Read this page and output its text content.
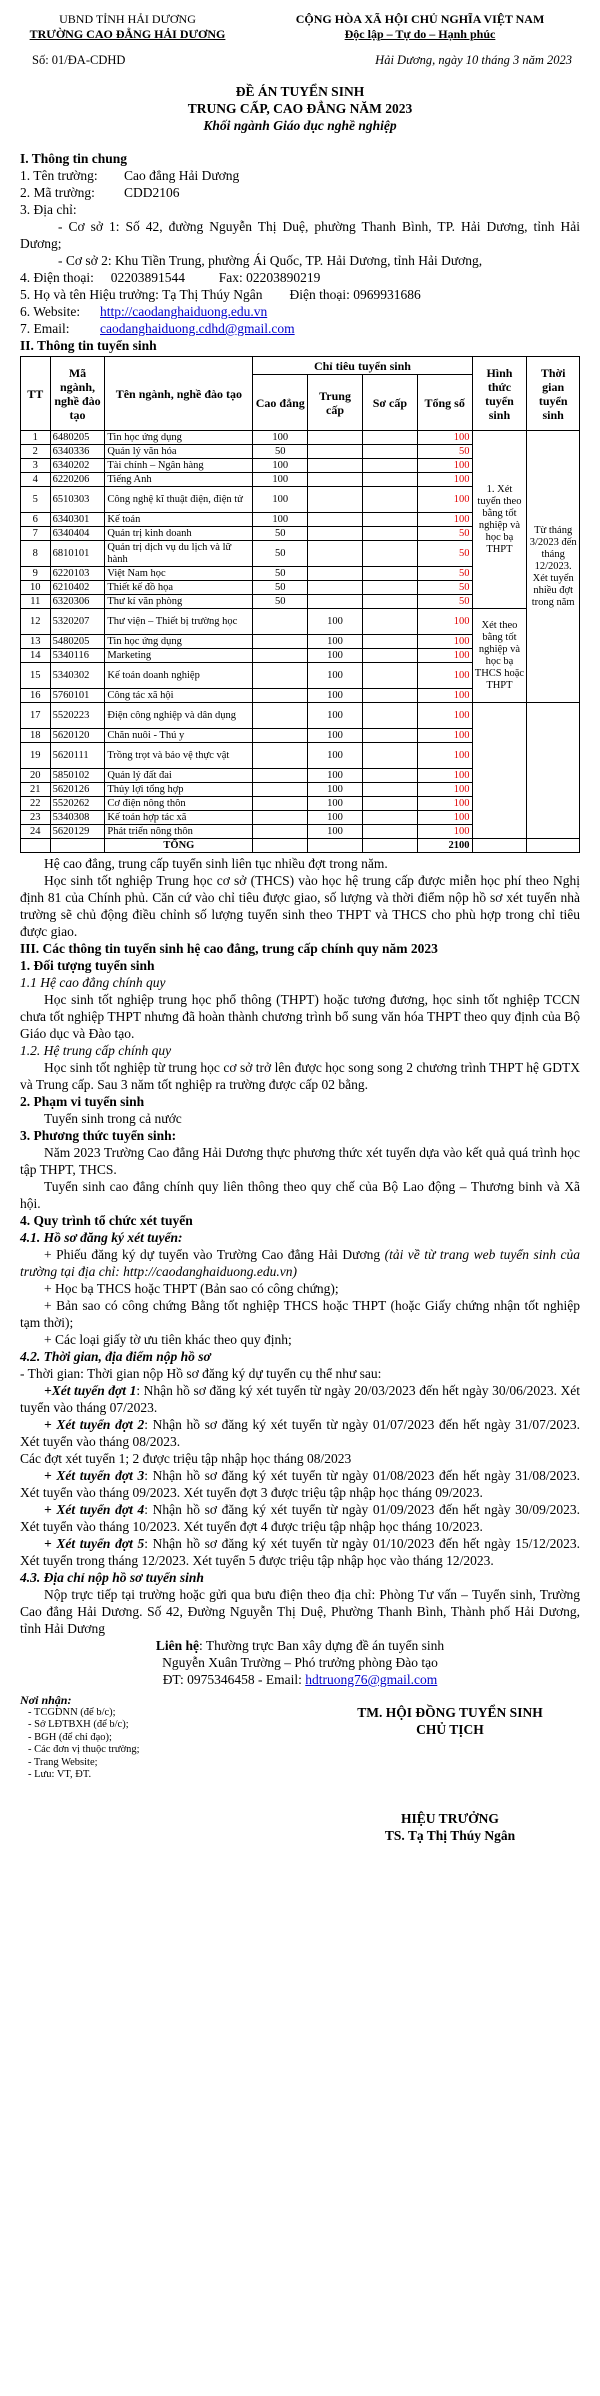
UBND TỈNH HẢI DƯƠNG
TRƯỜNG CAO ĐẲNG HẢI DƯƠNG
CỘNG HÒA XÃ HỘI CHỦ NGHĨA VIỆT NAM
Độc lập – Tự do – Hạnh phúc
Số: 01/ĐA-CDHD	Hải Dương, ngày 10 tháng 3 năm 2023
ĐỀ ÁN TUYỂN SINH
TRUNG CẤP, CAO ĐẲNG NĂM 2023
Khối ngành Giáo dục nghề nghiệp

I. Thông tin chung

1. Tên trường: Cao đẳng Hải Dương

2. Mã trường: CDD2106

3. Địa chỉ:

- Cơ sở 1: Số 42, đường Nguyễn Thị Duệ, phường Thanh Bình, TP. Hải Dương, tỉnh Hải Dương;

- Cơ sở 2: Khu Tiền Trung, phường Ái Quốc, TP. Hải Dương, tỉnh Hải Dương,

4. Điện thoại: 02203891544	Fax: 02203890219

5. Họ và tên Hiệu trưởng: Tạ Thị Thúy Ngân Điện thoại: 0969931686

6. Website: http://caodanghaiduong.edu.vn

7. Email: caodanghaiduong.cdhd@gmail.com

II. Thông tin tuyển sinh

TT	Mã ngành, nghề đào tạo	Tên ngành, nghề đào tạo	Chỉ tiêu tuyển sinh				Hình thức tuyển sinh	Thời gian tuyển sinh
			Cao đẳng	Trung cấp	Sơ cấp	Tổng số		
1	6480205	Tin học ứng dụng	100			100	1. Xét tuyển theo bằng tốt nghiệp và học bạ THPT	Từ tháng 3/2023 đến tháng 12/2023. Xét tuyển nhiều đợt trong năm
2	6340336	Quản lý văn hóa	50			50		
3	6340202	Tài chính – Ngân hàng	100			100		
4	6220206	Tiếng Anh	100			100		
5	6510303	Công nghệ kĩ thuật điện, điện tử	100			100		
6	6340301	Kế toán	100			100		
7	6340404	Quản trị kinh doanh	50			50		
8	6810101	Quản trị dịch vụ du lịch và lữ hành	50			50		
9	6220103	Việt Nam học	50			50		
10	6210402	Thiết kế đồ họa	50			50		
11	6320306	Thư kí văn phòng	50			50		
12	5320207	Thư viện – Thiết bị trường học		100		100	Xét theo bằng tốt nghiệp và học bạ THCS hoặc THPT	
13	5480205	Tin học ứng dụng		100		100		
14	5340116	Marketing		100		100		
15	5340302	Kế toán doanh nghiệp		100		100		
16	5760101	Công tác xã hội		100		100		
17	5520223	Điện công nghiệp và dân dụng		100		100		
18	5620120	Chăn nuôi - Thú y		100		100		
19	5620111	Trồng trọt và bảo vệ thực vật		100		100		
20	5850102	Quản lý đất đai		100		100		
21	5620126	Thủy lợi tổng hợp		100		100		
22	5520262	Cơ điện nông thôn		100		100		
23	5340308	Kế toán hợp tác xã		100		100		
24	5620129	Phát triển nông thôn		100		100		
		TỔNG				2100		

Hệ cao đẳng, trung cấp tuyển sinh liên tục nhiều đợt trong năm.

Học sinh tốt nghiệp Trung học cơ sở (THCS) vào học hệ trung cấp được miễn học phí theo Nghị định 81 của Chính phủ. Căn cứ vào chỉ tiêu được giao, số lượng và thời điểm nộp hồ sơ xét tuyển nhà trường sẽ chủ động điều chỉnh số lượng tuyển sinh theo THPT và THCS cho phù hợp trong chỉ tiêu được giao.

III. Các thông tin tuyển sinh hệ cao đẳng, trung cấp chính quy năm 2023

1. Đối tượng tuyển sinh

1.1 Hệ cao đẳng chính quy

Học sinh tốt nghiệp trung học phổ thông (THPT) hoặc tương đương, học sinh tốt nghiệp TCCN chưa tốt nghiệp THPT nhưng đã hoàn thành chương trình bổ sung văn hóa THPT theo quy định của Bộ Giáo dục và Đào tạo.

1.2. Hệ trung cấp chính quy

Học sinh tốt nghiệp từ trung học cơ sở trở lên được học song song 2 chương trình THPT hệ GDTX và Trung cấp. Sau 3 năm tốt nghiệp ra trường được cấp 02 bằng.

2. Phạm vi tuyển sinh

Tuyển sinh trong cả nước

3. Phương thức tuyển sinh:

Năm 2023 Trường Cao đẳng Hải Dương thực phương thức xét tuyển dựa vào kết quả quá trình học tập THPT, THCS.

Tuyển sinh cao đẳng chính quy liên thông theo quy chế của Bộ Lao động – Thương binh và Xã hội.

4. Quy trình tổ chức xét tuyển

4.1. Hồ sơ đăng ký xét tuyển:

+ Phiếu đăng ký dự tuyển vào Trường Cao đẳng Hải Dương (tải về từ trang web tuyển sinh của trường tại địa chỉ: http://caodanghaiduong.edu.vn)

+ Học bạ THCS hoặc THPT (Bản sao có công chứng);

+ Bản sao có công chứng Bằng tốt nghiệp THCS hoặc THPT (hoặc Giấy chứng nhận tốt nghiệp tạm thời);

+ Các loại giấy tờ ưu tiên khác theo quy định;

4.2. Thời gian, địa điểm nộp hồ sơ

- Thời gian: Thời gian nộp Hồ sơ đăng ký dự tuyển cụ thể như sau:

+Xét tuyển đợt 1: Nhận hồ sơ đăng ký xét tuyển từ ngày 20/03/2023 đến hết ngày 30/06/2023. Xét tuyển vào tháng 07/2023.

+ Xét tuyển đợt 2: Nhận hồ sơ đăng ký xét tuyển từ ngày 01/07/2023 đến hết ngày 31/07/2023. Xét tuyển vào tháng 08/2023.

Các đợt xét tuyển 1; 2 được triệu tập nhập học tháng 08/2023

+ Xét tuyển đợt 3: Nhận hồ sơ đăng ký xét tuyển từ ngày 01/08/2023 đến hết ngày 31/08/2023. Xét tuyển vào tháng 09/2023. Xét tuyển đợt 3 được triệu tập nhập học tháng 09/2023.

+ Xét tuyển đợt 4: Nhận hồ sơ đăng ký xét tuyển từ ngày 01/09/2023 đến hết ngày 30/09/2023. Xét tuyển vào tháng 10/2023. Xét tuyển đợt 4 được triệu tập nhập học tháng 10/2023.

+ Xét tuyển đợt 5: Nhận hồ sơ đăng ký xét tuyển từ ngày 01/10/2023 đến hết ngày 15/12/2023. Xét tuyển trong tháng 12/2023. Xét tuyển 5 được triệu tập nhập học vào tháng 12/2023.

4.3. Địa chỉ nộp hồ sơ tuyển sinh

Nộp trực tiếp tại trường hoặc gửi qua bưu điện theo địa chỉ: Phòng Tư vấn – Tuyển sinh, Trường Cao đẳng Hải Dương. Số 42, Đường Nguyễn Thị Duệ, Phường Thanh Bình, Thành phố Hải Dương, tỉnh Hải Dương

Liên hệ: Thường trực Ban xây dựng đề án tuyển sinh

Nguyễn Xuân Trường – Phó trưởng phòng Đào tạo

ĐT: 0975346458 - Email: hdtruong76@gmail.com

Nơi nhận:
- TCGDNN (để b/c);
- Sở LĐTBXH (để b/c);
- BGH (để chỉ đạo);
- Các đơn vị thuộc trường;
- Trang Website;
- Lưu: VT, ĐT.
TM. HỘI ĐỒNG TUYỂN SINH
CHỦ TỊCH
HIỆU TRƯỞNG
TS. Tạ Thị Thúy Ngân
